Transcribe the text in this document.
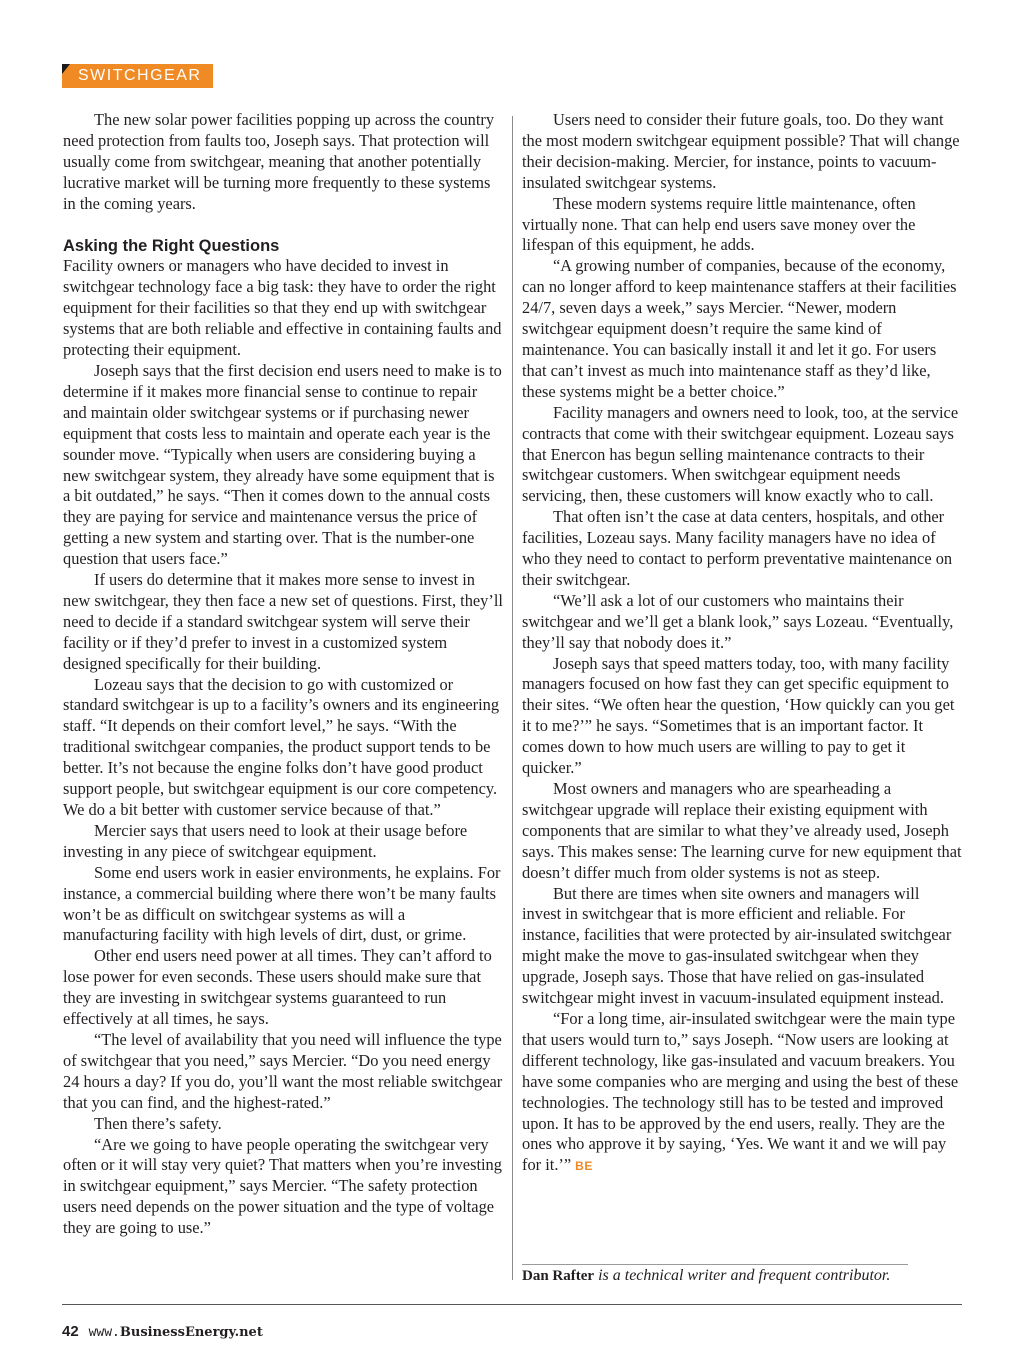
SWITCHGEAR

The new solar power facilities popping up across the country need protection from faults too, Joseph says. That protection will usually come from switchgear, meaning that another potentially lucrative market will be turning more frequently to these systems in the coming years.

Asking the Right Questions

Facility owners or managers who have decided to invest in switchgear technology face a big task: they have to order the right equipment for their facilities so that they end up with switchgear systems that are both reliable and effective in containing faults and protecting their equipment.

Joseph says that the first decision end users need to make is to determine if it makes more financial sense to continue to repair and maintain older switchgear systems or if purchasing newer equipment that costs less to maintain and operate each year is the sounder move. “Typically when users are considering buying a new switchgear system, they already have some equipment that is a bit outdated,” he says. “Then it comes down to the annual costs they are paying for service and maintenance versus the price of getting a new system and starting over. That is the number-one question that users face.”

If users do determine that it makes more sense to invest in new switchgear, they then face a new set of questions. First, they’ll need to decide if a standard switchgear system will serve their facility or if they’d prefer to invest in a customized system designed specifically for their building.

Lozeau says that the decision to go with customized or standard switchgear is up to a facility’s owners and its engineering staff. “It depends on their comfort level,” he says. “With the traditional switchgear companies, the product support tends to be better. It’s not because the engine folks don’t have good product support people, but switchgear equipment is our core competency. We do a bit better with customer service because of that.”

Mercier says that users need to look at their usage before investing in any piece of switchgear equipment.

Some end users work in easier environments, he explains. For instance, a commercial building where there won’t be many faults won’t be as difficult on switchgear systems as will a manufacturing facility with high levels of dirt, dust, or grime.

Other end users need power at all times. They can’t afford to lose power for even seconds. These users should make sure that they are investing in switchgear systems guaranteed to run effectively at all times, he says.

“The level of availability that you need will influence the type of switchgear that you need,” says Mercier. “Do you need energy 24 hours a day? If you do, you’ll want the most reliable switchgear that you can find, and the highest-rated.”

Then there’s safety.

“Are we going to have people operating the switchgear very often or it will stay very quiet? That matters when you’re investing in switchgear equipment,” says Mercier. “The safety protection users need depends on the power situation and the type of voltage they are going to use.”

Users need to consider their future goals, too. Do they want the most modern switchgear equipment possible? That will change their decision-making. Mercier, for instance, points to vacuum-insulated switchgear systems.

These modern systems require little maintenance, often virtually none. That can help end users save money over the lifespan of this equipment, he adds.

“A growing number of companies, because of the economy, can no longer afford to keep maintenance staffers at their facilities 24/7, seven days a week,” says Mercier. “Newer, modern switchgear equipment doesn’t require the same kind of maintenance. You can basically install it and let it go. For users that can’t invest as much into maintenance staff as they’d like, these systems might be a better choice.”

Facility managers and owners need to look, too, at the service contracts that come with their switchgear equipment. Lozeau says that Enercon has begun selling maintenance contracts to their switchgear customers. When switchgear equipment needs servicing, then, these customers will know exactly who to call.

That often isn’t the case at data centers, hospitals, and other facilities, Lozeau says. Many facility managers have no idea of who they need to contact to perform preventative maintenance on their switchgear.

“We’ll ask a lot of our customers who maintains their switchgear and we’ll get a blank look,” says Lozeau. “Eventually, they’ll say that nobody does it.”

Joseph says that speed matters today, too, with many facility managers focused on how fast they can get specific equipment to their sites. “We often hear the question, ‘How quickly can you get it to me?’” he says. “Sometimes that is an important factor. It comes down to how much users are willing to pay to get it quicker.”

Most owners and managers who are spearheading a switchgear upgrade will replace their existing equipment with components that are similar to what they’ve already used, Joseph says. This makes sense: The learning curve for new equipment that doesn’t differ much from older systems is not as steep.

But there are times when site owners and managers will invest in switchgear that is more efficient and reliable. For instance, facilities that were protected by air-insulated switchgear might make the move to gas-insulated switchgear when they upgrade, Joseph says. Those that have relied on gas-insulated switchgear might invest in vacuum-insulated equipment instead.

“For a long time, air-insulated switchgear were the main type that users would turn to,” says Joseph. “Now users are looking at different technology, like gas-insulated and vacuum breakers. You have some companies who are merging and using the best of these technologies. The technology still has to be tested and improved upon. It has to be approved by the end users, really. They are the ones who approve it by saying, ‘Yes. We want it and we will pay for it.’” BE

Dan Rafter is a technical writer and frequent contributor.
42 www.BusinessEnergy.net
